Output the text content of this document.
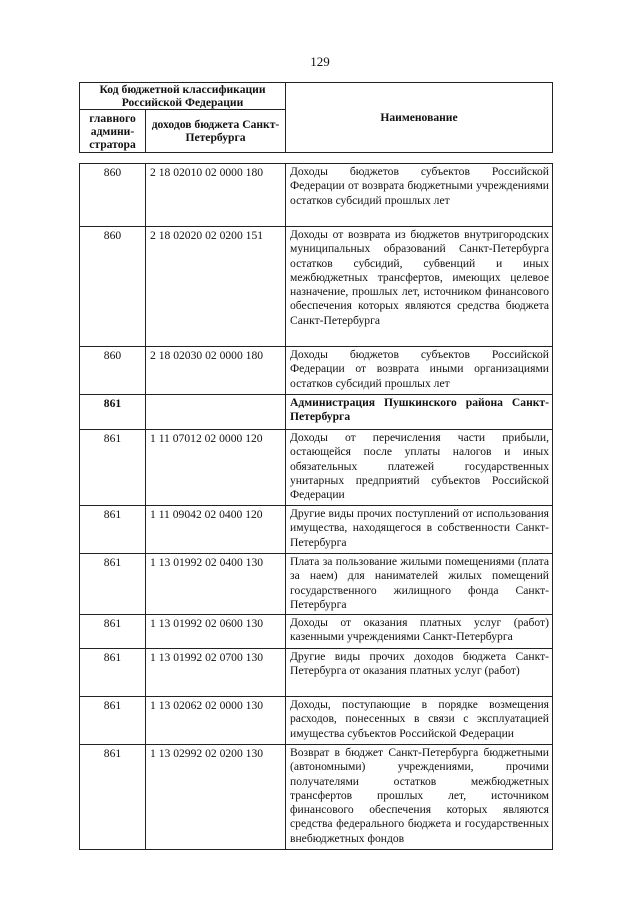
129
Код бюджетной классификации Российской Федерации		Наименование
главного админи-стратора	доходов бюджета Санкт-Петербурга	
860	2 18 02010 02 0000 180	Доходы бюджетов субъектов Российской Федерации от возврата бюджетными учреждениями остатков субсидий прошлых лет
860	2 18 02020 02 0200 151	Доходы от возврата из бюджетов внутригородских муниципальных образований Санкт-Петербурга остатков субсидий, субвенций и иных межбюджетных трансфертов, имеющих целевое назначение, прошлых лет, источником финансового обеспечения которых являются средства бюджета Санкт-Петербурга
860	2 18 02030 02 0000 180	Доходы бюджетов субъектов Российской Федерации от возврата иными организациями остатков субсидий прошлых лет
861		Администрация Пушкинского района Санкт-Петербурга
861	1 11 07012 02 0000 120	Доходы от перечисления части прибыли, остающейся после уплаты налогов и иных обязательных платежей государственных унитарных предприятий субъектов Российской Федерации
861	1 11 09042 02 0400 120	Другие виды прочих поступлений от использования имущества, находящегося в собственности Санкт-Петербурга
861	1 13 01992 02 0400 130	Плата за пользование жилыми помещениями (плата за наем) для нанимателей жилых помещений государственного жилищного фонда Санкт-Петербурга
861	1 13 01992 02 0600 130	Доходы от оказания платных услуг (работ) казенными учреждениями Санкт-Петербурга
861	1 13 01992 02 0700 130	Другие виды прочих доходов бюджета Санкт-Петербурга от оказания платных услуг (работ)
861	1 13 02062 02 0000 130	Доходы, поступающие в порядке возмещения расходов, понесенных в связи с эксплуатацией имущества субъектов Российской Федерации
861	1 13 02992 02 0200 130	Возврат в бюджет Санкт-Петербурга бюджетными (автономными) учреждениями, прочими получателями остатков межбюджетных трансфертов прошлых лет, источником финансового обеспечения которых являются средства федерального бюджета и государственных внебюджетных фондов
